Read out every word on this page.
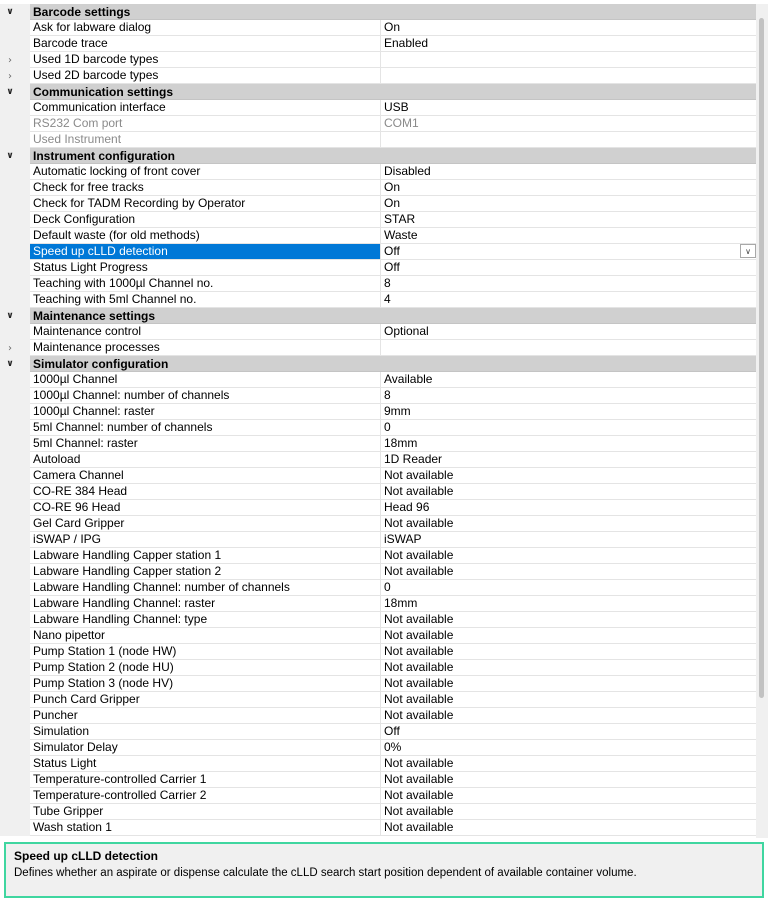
∨ Barcode settings
Ask for labware dialog	On
Barcode trace	Enabled
›	Used 1D barcode types
›	Used 2D barcode types
∨ Communication settings
Communication interface	USB
RS232 Com port	COM1
Used Instrument
∨ Instrument configuration
Automatic locking of front cover	Disabled
Check for free tracks	On
Check for TADM Recording by Operator	On
Deck Configuration	STAR
Default waste (for old methods)	Waste
Speed up cLLD detection	Off	∨
Status Light Progress	Off
Teaching with 1000µl Channel no.	8
Teaching with 5ml Channel no.	4
∨ Maintenance settings
Maintenance control	Optional
›	Maintenance processes
∨ Simulator configuration
1000µl Channel	Available
1000µl Channel: number of channels	8
1000µl Channel: raster	9mm
5ml Channel: number of channels	0
5ml Channel: raster	18mm
Autoload	1D Reader
Camera Channel	Not available
CO-RE 384 Head	Not available
CO-RE 96 Head	Head 96
Gel Card Gripper	Not available
iSWAP / IPG	iSWAP
Labware Handling Capper station 1	Not available
Labware Handling Capper station 2	Not available
Labware Handling Channel: number of channels	0
Labware Handling Channel: raster	18mm
Labware Handling Channel: type	Not available
Nano pipettor	Not available
Pump Station 1 (node HW)	Not available
Pump Station 2 (node HU)	Not available
Pump Station 3 (node HV)	Not available
Punch Card Gripper	Not available
Puncher	Not available
Simulation	Off
Simulator Delay	0%
Status Light	Not available
Temperature-controlled Carrier 1	Not available
Temperature-controlled Carrier 2	Not available
Tube Gripper	Not available
Wash station 1	Not available
Speed up cLLD detection
Defines whether an aspirate or dispense calculate the cLLD search start position dependent of available container volume.
